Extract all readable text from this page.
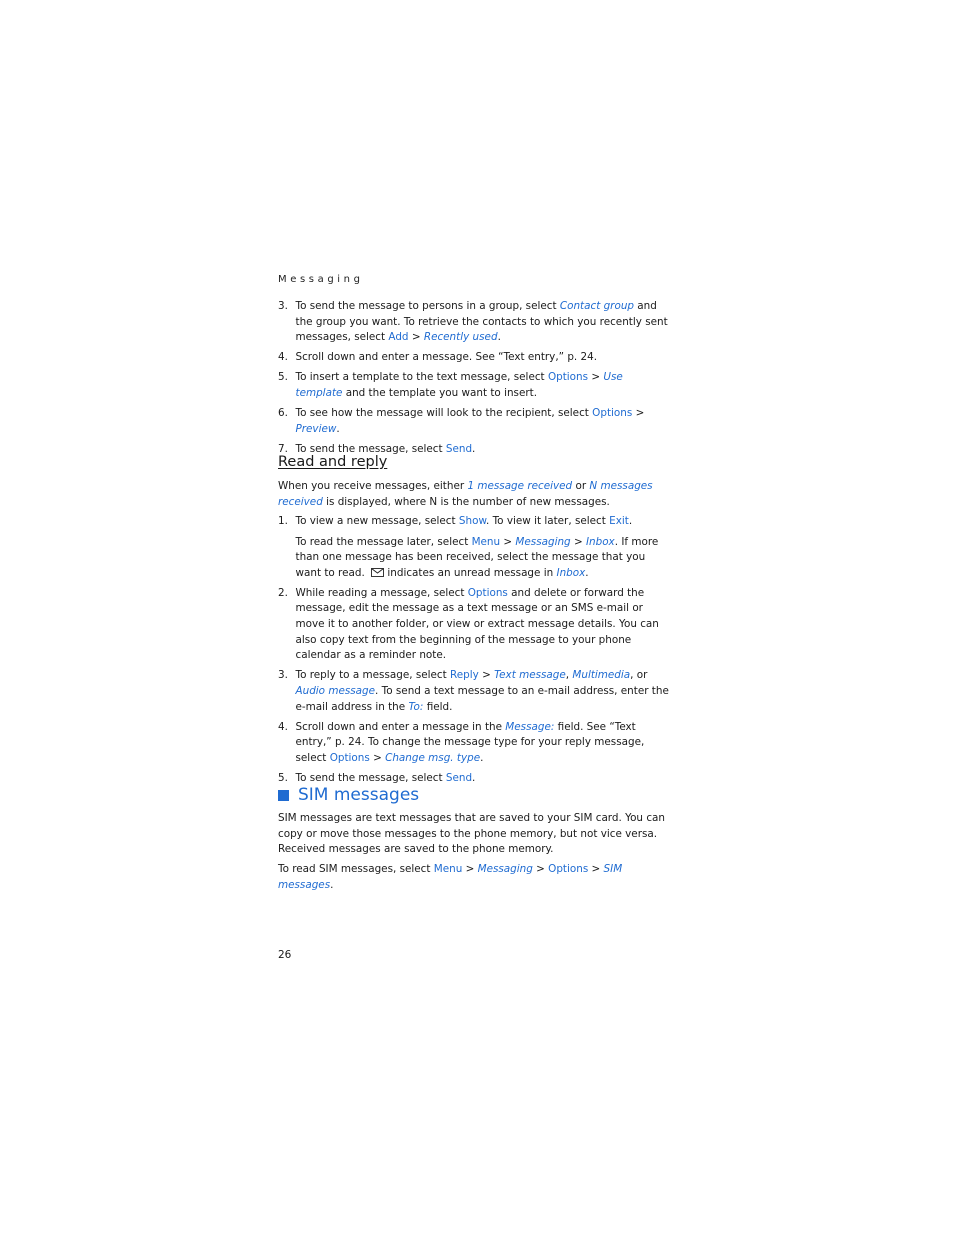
Messaging
3. To send the message to persons in a group, select Contact group and the group you want. To retrieve the contacts to which you recently sent messages, select Add > Recently used.

4. Scroll down and enter a message. See “Text entry,” p. 24.

5. To insert a template to the text message, select Options > Use template and the template you want to insert.

6. To see how the message will look to the recipient, select Options > Preview.

7. To send the message, select Send.

Read and reply

When you receive messages, either 1 message received or N messages received is displayed, where N is the number of new messages.

1. To view a new message, select Show. To view it later, select Exit.

To read the message later, select Menu > Messaging > Inbox. If more than one message has been received, select the message that you want to read.  indicates an unread message in Inbox.

2. While reading a message, select Options and delete or forward the message, edit the message as a text message or an SMS e-mail or move it to another folder, or view or extract message details. You can also copy text from the beginning of the message to your phone calendar as a reminder note.

3. To reply to a message, select Reply > Text message, Multimedia, or Audio message. To send a text message to an e-mail address, enter the e-mail address in the To: field.

4. Scroll down and enter a message in the Message: field. See “Text entry,” p. 24. To change the message type for your reply message, select Options > Change msg. type.

5. To send the message, select Send.

SIM messages

SIM messages are text messages that are saved to your SIM card. You can copy or move those messages to the phone memory, but not vice versa. Received messages are saved to the phone memory.

To read SIM messages, select Menu > Messaging > Options > SIM messages.

26
